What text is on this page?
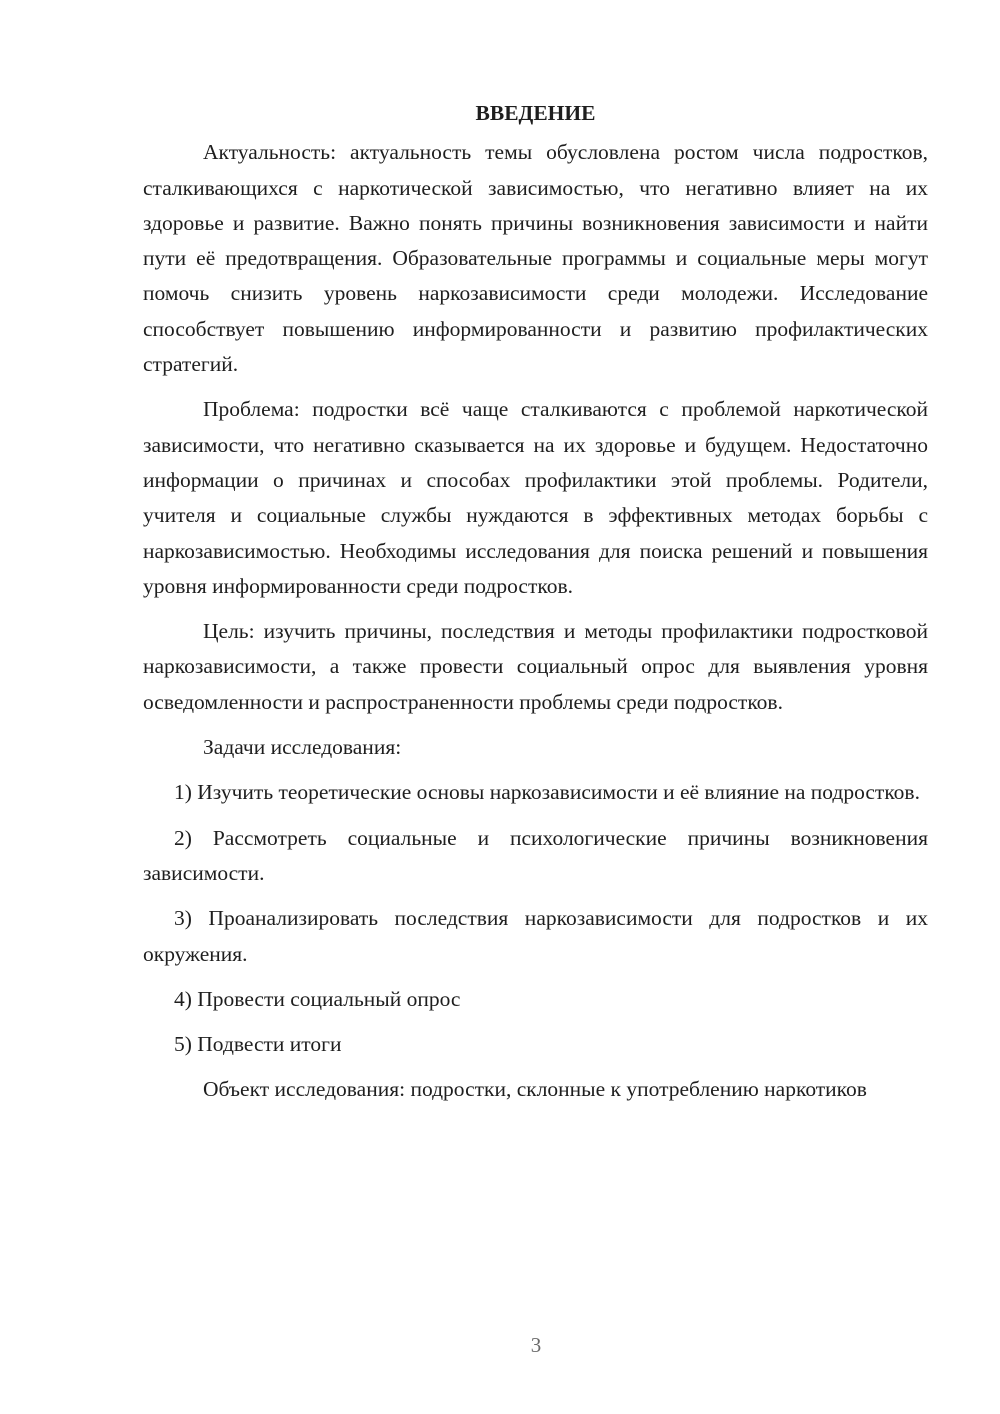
ВВЕДЕНИЕ

Актуальность: актуальность темы обусловлена ростом числа подростков, сталкивающихся с наркотической зависимостью, что негативно влияет на их здоровье и развитие. Важно понять причины возникновения зависимости и найти пути её предотвращения. Образовательные программы и социальные меры могут помочь снизить уровень наркозависимости среди молодежи. Исследование способствует повышению информированности и развитию профилактических стратегий.

Проблема: подростки всё чаще сталкиваются с проблемой наркотической зависимости, что негативно сказывается на их здоровье и будущем. Недостаточно информации о причинах и способах профилактики этой проблемы. Родители, учителя и социальные службы нуждаются в эффективных методах борьбы с наркозависимостью. Необходимы исследования для поиска решений и повышения уровня информированности среди подростков.

Цель: изучить причины, последствия и методы профилактики подростковой наркозависимости, а также провести социальный опрос для выявления уровня осведомленности и распространенности проблемы среди подростков.

Задачи исследования:

1) Изучить теоретические основы наркозависимости и её влияние на подростков.

2) Рассмотреть социальные и психологические причины возникновения зависимости.

3) Проанализировать последствия наркозависимости для подростков и их окружения.

4) Провести социальный опрос

5) Подвести итоги

Объект исследования: подростки, склонные к употреблению наркотиков

3
